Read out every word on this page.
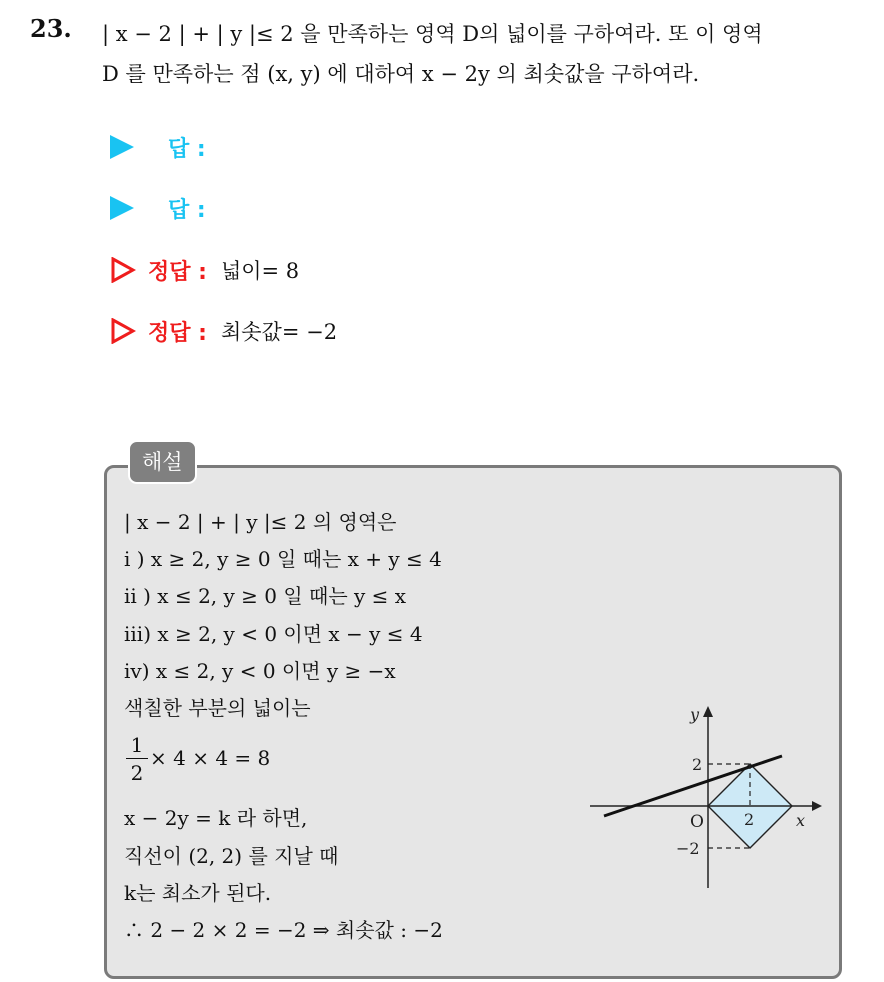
23. | x − 2 | + | y |≤ 2 을 만족하는 영역 D의 넓이를 구하여라. 또 이 영역
D 를 만족하는 점 (x, y) 에 대하여 x − 2y 의 최솟값을 구하여라.
답 :
답 :
정답 : 넓이= 8
정답 : 최솟값= −2
해설
| x − 2 | + | y |≤ 2 의 영역은
i ) x ≥ 2, y ≥ 0 일 때는 x + y ≤ 4
ii ) x ≤ 2, y ≥ 0 일 때는 y ≤ x
iii) x ≥ 2, y < 0 이면 x − y ≤ 4
iv) x ≤ 2, y < 0 이면 y ≥ −x
색칠한 부분의 넓이는
1
2
× 4 × 4 = 8
x − 2y = k 라 하면,
직선이 (2, 2) 를 지날 때
k는 최소가 된다.
∴ 2 − 2 × 2 = −2 ⇒ 최솟값 : −2
y
x
O
2
2
−2
